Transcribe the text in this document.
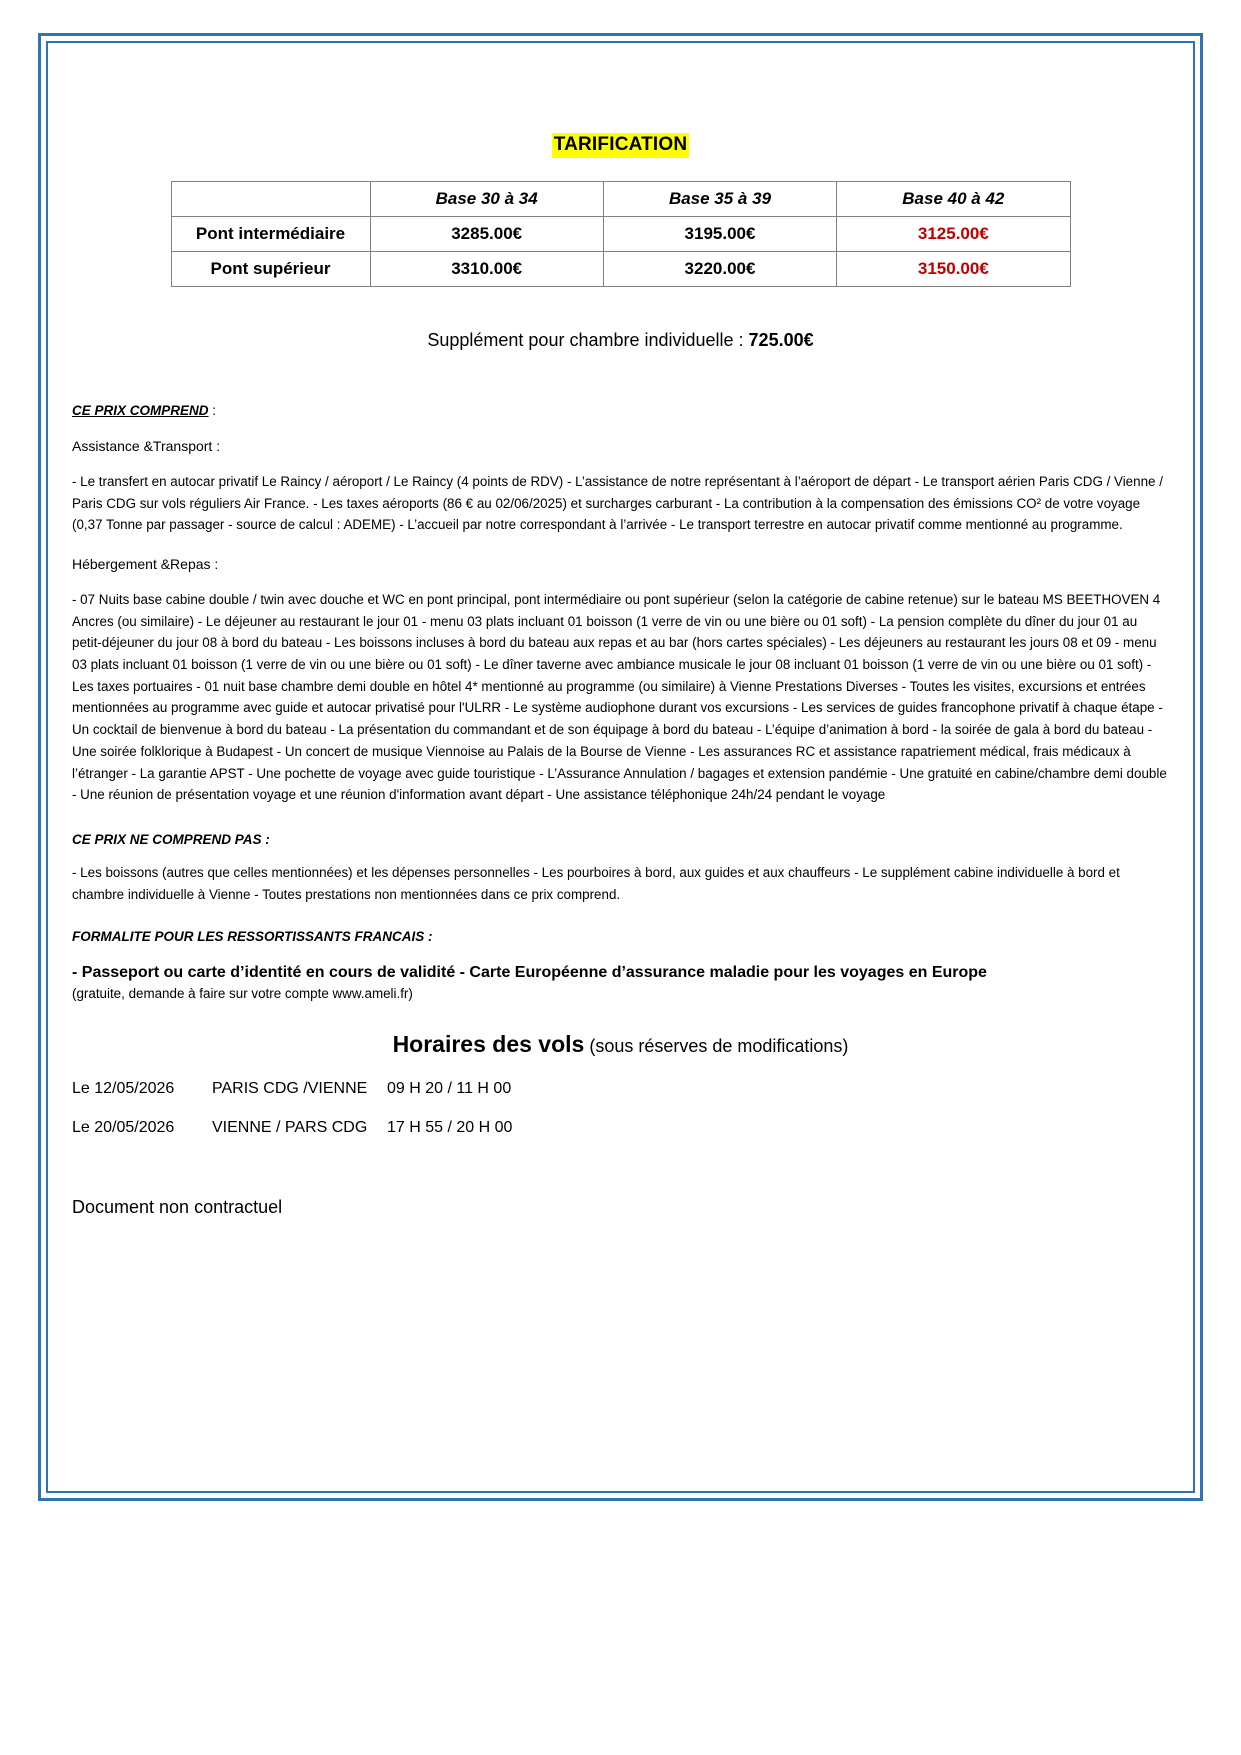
TARIFICATION
	Base 30 à 34	Base 35 à 39	Base 40 à 42
Pont intermédiaire	3285.00€	3195.00€	3125.00€
Pont supérieur	3310.00€	3220.00€	3150.00€
Supplément pour chambre individuelle : 725.00€
CE PRIX COMPREND :
Assistance &Transport :
- Le transfert en autocar privatif Le Raincy / aéroport / Le Raincy (4 points de RDV) - L’assistance de notre représentant à l’aéroport de départ - Le transport aérien Paris CDG / Vienne / Paris CDG sur vols réguliers Air France. - Les taxes aéroports (86 € au 02/06/2025) et surcharges carburant - La contribution à la compensation des émissions CO² de votre voyage (0,37 Tonne par passager - source de calcul : ADEME) - L’accueil par notre correspondant à l’arrivée - Le transport terrestre en autocar privatif comme mentionné au programme.
Hébergement &Repas :
- 07 Nuits base cabine double / twin avec douche et WC en pont principal, pont intermédiaire ou pont supérieur (selon la catégorie de cabine retenue) sur le bateau MS BEETHOVEN 4 Ancres (ou similaire) - Le déjeuner au restaurant le jour 01 - menu 03 plats incluant 01 boisson (1 verre de vin ou une bière ou 01 soft) - La pension complète du dîner du jour 01 au petit-déjeuner du jour 08 à bord du bateau - Les boissons incluses à bord du bateau aux repas et au bar (hors cartes spéciales) - Les déjeuners au restaurant les jours 08 et 09 - menu 03 plats incluant 01 boisson (1 verre de vin ou une bière ou 01 soft) - Le dîner taverne avec ambiance musicale le jour 08 incluant 01 boisson (1 verre de vin ou une bière ou 01 soft) - Les taxes portuaires - 01 nuit base chambre demi double en hôtel 4* mentionné au programme (ou similaire) à Vienne Prestations Diverses - Toutes les visites, excursions et entrées mentionnées au programme avec guide et autocar privatisé pour l'ULRR - Le système audiophone durant vos excursions - Les services de guides francophone privatif à chaque étape - Un cocktail de bienvenue à bord du bateau - La présentation du commandant et de son équipage à bord du bateau - L’équipe d’animation à bord - la soirée de gala à bord du bateau - Une soirée folklorique à Budapest - Un concert de musique Viennoise au Palais de la Bourse de Vienne - Les assurances RC et assistance rapatriement médical, frais médicaux à l’étranger - La garantie APST - Une pochette de voyage avec guide touristique - L’Assurance Annulation / bagages et extension pandémie - Une gratuité en cabine/chambre demi double - Une réunion de présentation voyage et une réunion d'information avant départ - Une assistance téléphonique 24h/24 pendant le voyage
CE PRIX NE COMPREND PAS :
- Les boissons (autres que celles mentionnées) et les dépenses personnelles - Les pourboires à bord, aux guides et aux chauffeurs - Le supplément cabine individuelle à bord et chambre individuelle à Vienne - Toutes prestations non mentionnées dans ce prix comprend.
FORMALITE POUR LES RESSORTISSANTS FRANCAIS :
- Passeport ou carte d’identité en cours de validité - Carte Européenne d’assurance maladie pour les voyages en Europe
(gratuite, demande à faire sur votre compte www.ameli.fr)
Horaires des vols (sous réserves de modifications)
Le 12/05/2026 PARIS CDG /VIENNE 09 H 20 / 11 H 00
Le 20/05/2026 VIENNE / PARS CDG 17 H 55 / 20 H 00
Document non contractuel
